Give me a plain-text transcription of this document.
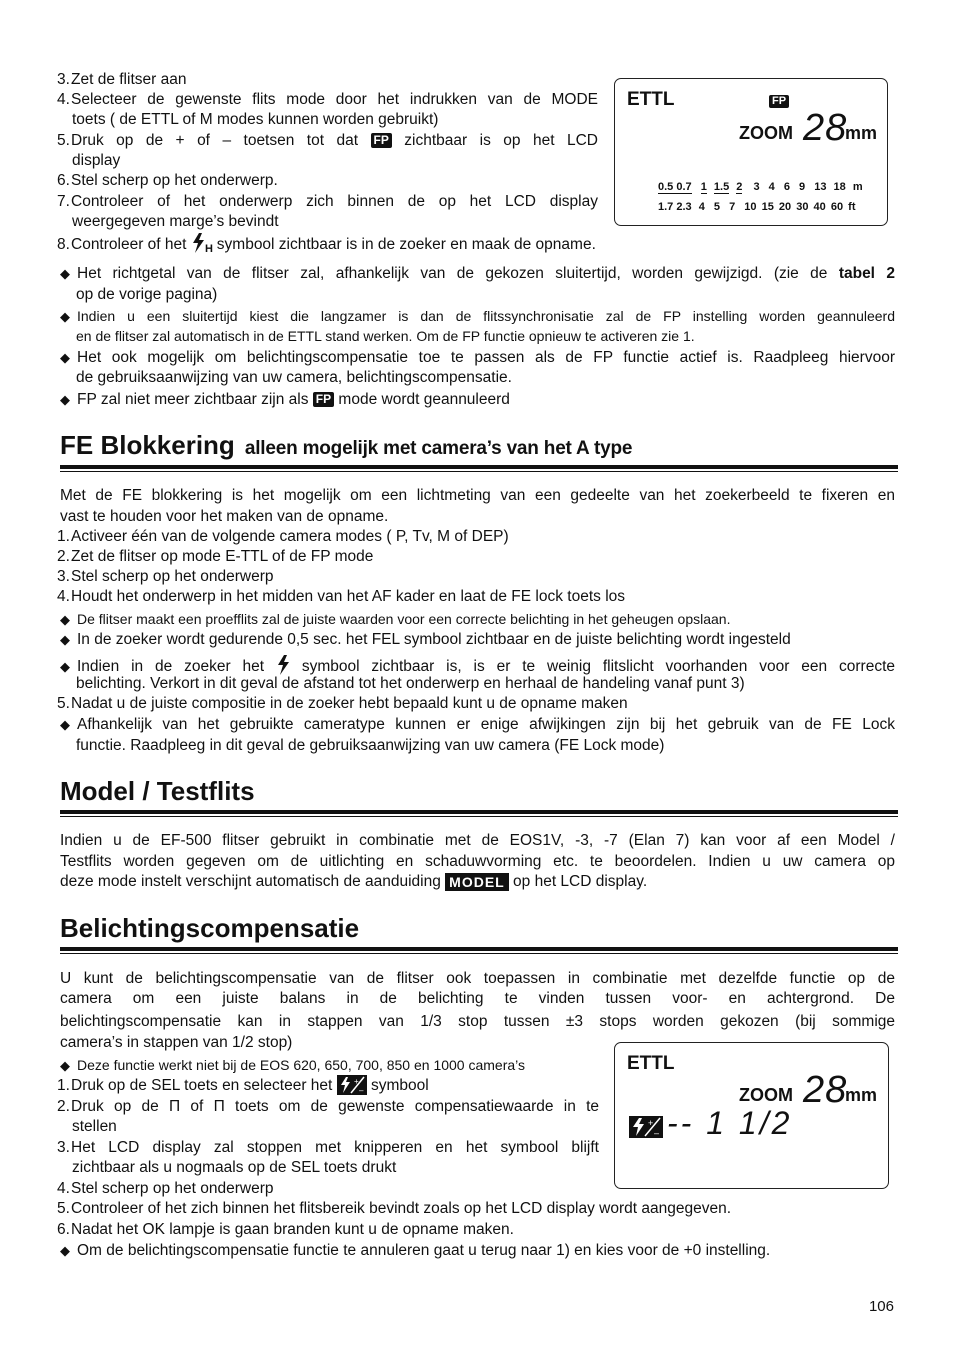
3.Zet de flitser aan
4.Selecteer de gewenste flits mode door het indrukken van de MODE
toets ( de ETTL of M modes kunnen worden gebruikt)
5.Druk op de + of – toetsen tot dat FP zichtbaar is op het LCD
display
6.Stel scherp op het onderwerp.
7.Controleer of het onderwerp zich binnen de op het LCD display
weergegeven marge’s bevindt
8.Controleer of het H symbool zichtbaar is in de zoeker en maak de opname.
ETTL	FP
ZOOM 28
mm
0.5 0.7 1 1.5 2 3 4 6 9 13 18 m
1.7 2.3 4 5 7 10 15 20 30 40 60 ft
◆ Het richtgetal van de flitser zal, afhankelijk van de gekozen sluitertijd, worden gewijzigd. (zie de tabel 2
op de vorige pagina)
◆ Indien u een sluitertijd kiest die langzamer is dan de flitssynchronisatie zal de FP instelling worden geannuleerd
en de flitser zal automatisch in de ETTL stand werken. Om de FP functie opnieuw te activeren zie 1.
◆ Het ook mogelijk om belichtingscompensatie toe te passen als de FP functie actief is. Raadpleeg hiervoor
de gebruiksaanwijzing van uw camera, belichtingscompensatie.
◆ FP zal niet meer zichtbaar zijn als FP mode wordt geannuleerd
FE Blokkering alleen mogelijk met camera’s van het A type
Met de FE blokkering is het mogelijk om een lichtmeting van een gedeelte van het zoekerbeeld te fixeren en
vast te houden voor het maken van de opname.
1.Activeer één van de volgende camera modes ( P, Tv, M of DEP)
2.Zet de flitser op mode E-TTL of de FP mode
3.Stel scherp op het onderwerp
4.Houdt het onderwerp in het midden van het AF kader en laat de FE lock toets los
◆ De flitser maakt een proefflits zal de juiste waarden voor een correcte belichting in het geheugen opslaan.
◆ In de zoeker wordt gedurende 0,5 sec. het FEL symbool zichtbaar en de juiste belichting wordt ingesteld
◆ Indien in de zoeker het symbool zichtbaar is, is er te weinig flitslicht voorhanden voor een correcte
belichting. Verkort in dit geval de afstand tot het onderwerp en herhaal de handeling vanaf punt 3)
5.Nadat u de juiste compositie in de zoeker hebt bepaald kunt u de opname maken
◆ Afhankelijk van het gebruikte cameratype kunnen er enige afwijkingen zijn bij het gebruik van de FE Lock
functie. Raadpleeg in dit geval de gebruiksaanwijzing van uw camera (FE Lock mode)
Model / Testflits
Indien u de EF-500 flitser gebruikt in combinatie met de EOS1V, -3, -7 (Elan 7) kan voor af een Model /
Testflits worden gegeven om de uitlichting en schaduwvorming etc. te beoordelen. Indien u uw camera op
deze mode instelt verschijnt automatisch de aanduiding MODEL op het LCD display.
Belichtingscompensatie
U kunt de belichtingscompensatie van de flitser ook toepassen in combinatie met dezelfde functie op de
camera om een juiste balans in de belichting te vinden tussen voor- en achtergrond. De
belichtingscompensatie kan in stappen van 1/3 stop tussen ±3 stops worden gekozen (bij sommige
camera’s in stappen van 1/2 stop)
◆ Deze functie werkt niet bij de EOS 620, 650, 700, 850 en 1000 camera’s
1.Druk op de SEL toets en selecteer het	+
– symbool
2.Druk op de Π of Π toets om de gewenste compensatiewaarde in te
stellen
3.Het LCD display zal stoppen met knipperen en het symbool blijft
zichtbaar als u nogmaals op de SEL toets drukt
4.Stel scherp op het onderwerp
5.Controleer of het zich binnen het flitsbereik bevindt zoals op het LCD display wordt aangegeven.
6.Nadat het OK lampje is gaan branden kunt u de opname maken.
◆ Om de belichtingscompensatie functie te annuleren gaat u terug naar 1) en kies voor de +0 instelling.
ETTL
ZOOM 28
mm
+
– -- 1 1/2
106
